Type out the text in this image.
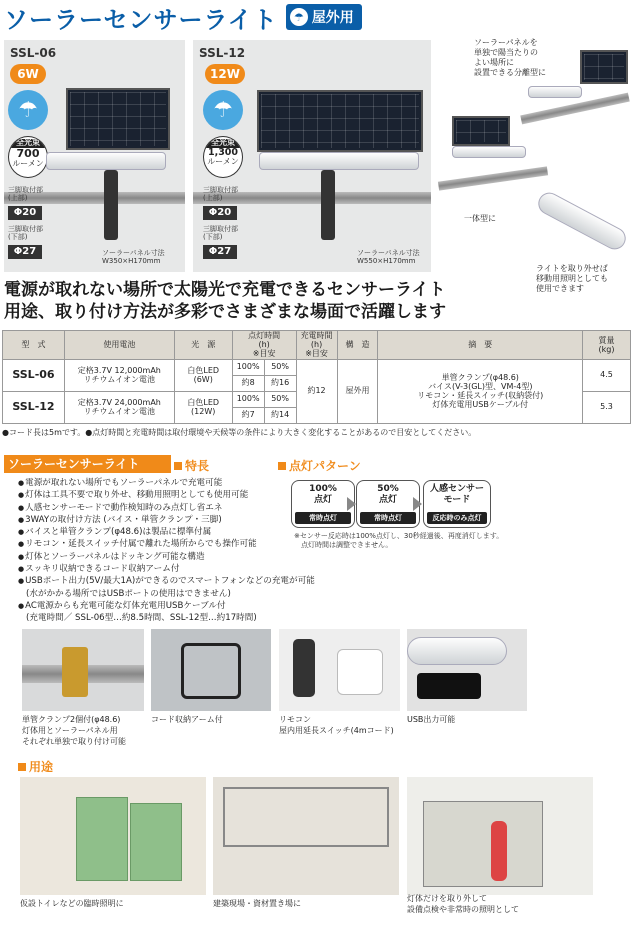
ソーラーセンサーライト	☂ 屋外用
SSL-06
6W
☂
全光束
700
ルーメン
三脚取付部
(上部)
Φ20
三脚取付部
(下部)
Φ27	ソーラーパネル寸法
W350×H170mm
SSL-12
12W
☂
全光束
1,300
ルーメン
三脚取付部
(上部)
Φ20
三脚取付部
(下部)
Φ27	ソーラーパネル寸法
W550×H170mm
ソーラーパネルを
単独で陽当たりの
よい場所に
設置できる分離型に
一体型に
ライトを取り外せば
移動用照明としても
使用できます
電源が取れない場所で太陽光で充電できるセンサーライト
用途、取り付け方法が多彩でさまざまな場面で活躍します
型　式	使用電池	光　源	点灯時間
(h)
※目安		充電時間
(h)
※目安	構　造	摘　要	質量
(kg)
SSL-06	定格3.7V 12,000mAh
リチウムイオン電池	白色LED
(6W)	100%	50%	約12	屋外用	単管クランプ(φ48.6)
バイス(V-3(GL)型、VM-4型)
リモコン・延長スイッチ(収納袋付)
灯体充電用USBケーブル付	4.5
			約8	約16				
SSL-12	定格3.7V 24,000mAh
リチウムイオン電池	白色LED
(12W)	100%	50%				5.3
			約7	約14				
●コード長は5mです。●点灯時間と充電時間は取付環境や天候等の条件により大きく変化することがあるので目安としてください。
ソーラーセンサーライト	特長
● 電源が取れない場所でもソーラーパネルで充電可能
● 灯体は工具不要で取り外せ、移動用照明としても使用可能
● 人感センサーモードで動作検知時のみ点灯し省エネ
● 3WAYの取付け方法 (バイス・単管クランプ・三脚)
● バイスと単管クランプ(φ48.6)は製品に標準付属
● リモコン・延長スイッチ付属で離れた場所からでも操作可能
● 灯体とソーラーパネルはドッキング可能な構造
● スッキリ収納できるコード収納アーム付
● USBポート出力(5V/最大1A)ができるのでスマートフォンなどの充電が可能
(水がかかる場所ではUSBポートの使用はできません)
● AC電源からも充電可能な灯体充電用USBケーブル付
(充電時間／ SSL-06型…約8.5時間、SSL-12型…約17時間)
点灯パターン
100%
点灯
常時点灯
50%
点灯
常時点灯
人感センサー
モード
反応時のみ点灯
※センサー反応時は100%点灯し、30秒経過後、再度消灯します。
　点灯時間は調整できません。
単管クランプ2個付(φ48.6)
灯体用とソーラーパネル用
それぞれ単独で取り付け可能
コード収納アーム付	リモコン
屋内用延長スイッチ(4mコード)
USB出力可能
用途
仮設トイレなどの臨時照明に	建築現場・資材置き場に
灯体だけを取り外して
設備点検や非常時の照明として
